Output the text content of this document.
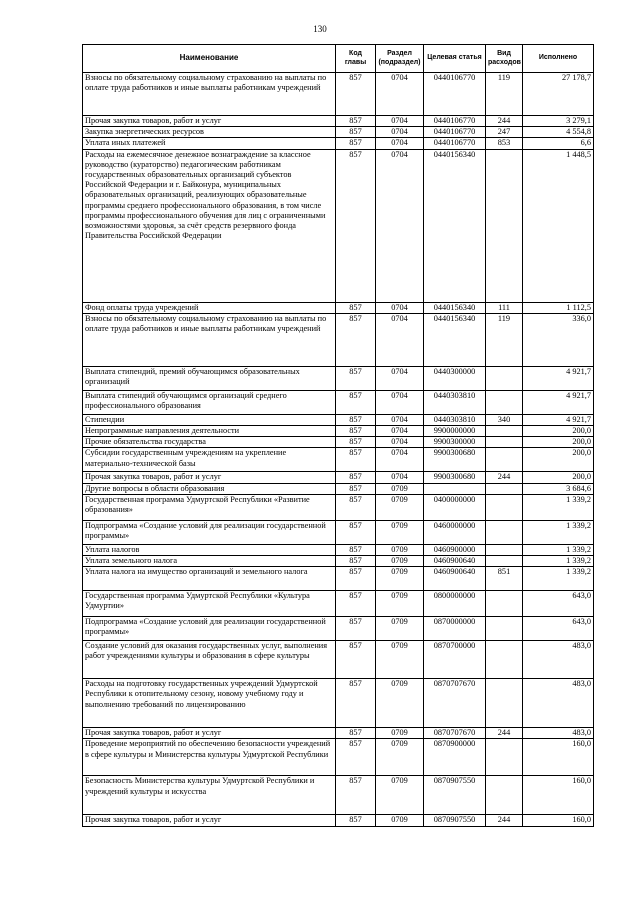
130
Наименование	Код главы	Раздел (подраздел)	Целевая статья	Вид расходов	Исполнено
Взносы по обязательному социальному страхованию на выплаты по оплате труда работников и иные выплаты работникам учреждений	857	0704	0440106770	119	27 178,7
Прочая закупка товаров, работ и услуг	857	0704	0440106770	244	3 279,1
Закупка энергетических ресурсов	857	0704	0440106770	247	4 554,8
Уплата иных платежей	857	0704	0440106770	853	6,6
Расходы на ежемесячное денежное вознаграждение за классное руководство (кураторство) педагогическим работникам государственных образовательных организаций субъектов Российской Федерации и г. Байконура, муниципальных образовательных организаций, реализующих образовательные программы среднего профессионального образования, в том числе программы профессионального обучения для лиц с ограниченными возможностями здоровья, за счёт средств резервного фонда Правительства Российской Федерации	857	0704	0440156340		1 448,5
Фонд оплаты труда учреждений	857	0704	0440156340	111	1 112,5
Взносы по обязательному социальному страхованию на выплаты по оплате труда работников и иные выплаты работникам учреждений	857	0704	0440156340	119	336,0
Выплата стипендий, премий обучающимся образовательных организаций	857	0704	0440300000		4 921,7
Выплата стипендий обучающимся организаций среднего профессионального образования	857	0704	0440303810		4 921,7
Стипендии	857	0704	0440303810	340	4 921,7
Непрограммные направления деятельности	857	0704	9900000000		200,0
Прочие обязательства государства	857	0704	9900300000		200,0
Субсидии государственным учреждениям на укрепление материально-технической базы	857	0704	9900300680		200,0
Прочая закупка товаров, работ и услуг	857	0704	9900300680	244	200,0
Другие вопросы в области образования	857	0709			3 684,6
Государственная программа Удмуртской Республики «Развитие образования»	857	0709	0400000000		1 339,2
Подпрограмма «Создание условий для реализации государственной программы»	857	0709	0460000000		1 339,2
Уплата налогов	857	0709	0460900000		1 339,2
Уплата земельного налога	857	0709	0460900640		1 339,2
Уплата налога на имущество организаций и земельного налога	857	0709	0460900640	851	1 339,2
Государственная программа Удмуртской Республики «Культура Удмуртии»	857	0709	0800000000		643,0
Подпрограмма «Создание условий для реализации государственной программы»	857	0709	0870000000		643,0
Создание условий для оказания государственных услуг, выполнения работ учреждениями культуры и образования в сфере культуры	857	0709	0870700000		483,0
Расходы на подготовку государственных учреждений Удмуртской Республики к отопительному сезону, новому учебному году и выполнению требований по лицензированию	857	0709	0870707670		483,0
Прочая закупка товаров, работ и услуг	857	0709	0870707670	244	483,0
Проведение мероприятий по обеспечению безопасности учреждений в сфере культуры и Министерства культуры Удмуртской Республики	857	0709	0870900000		160,0
Безопасность Министерства культуры Удмуртской Республики и учреждений культуры и искусства	857	0709	0870907550		160,0
Прочая закупка товаров, работ и услуг	857	0709	0870907550	244	160,0
